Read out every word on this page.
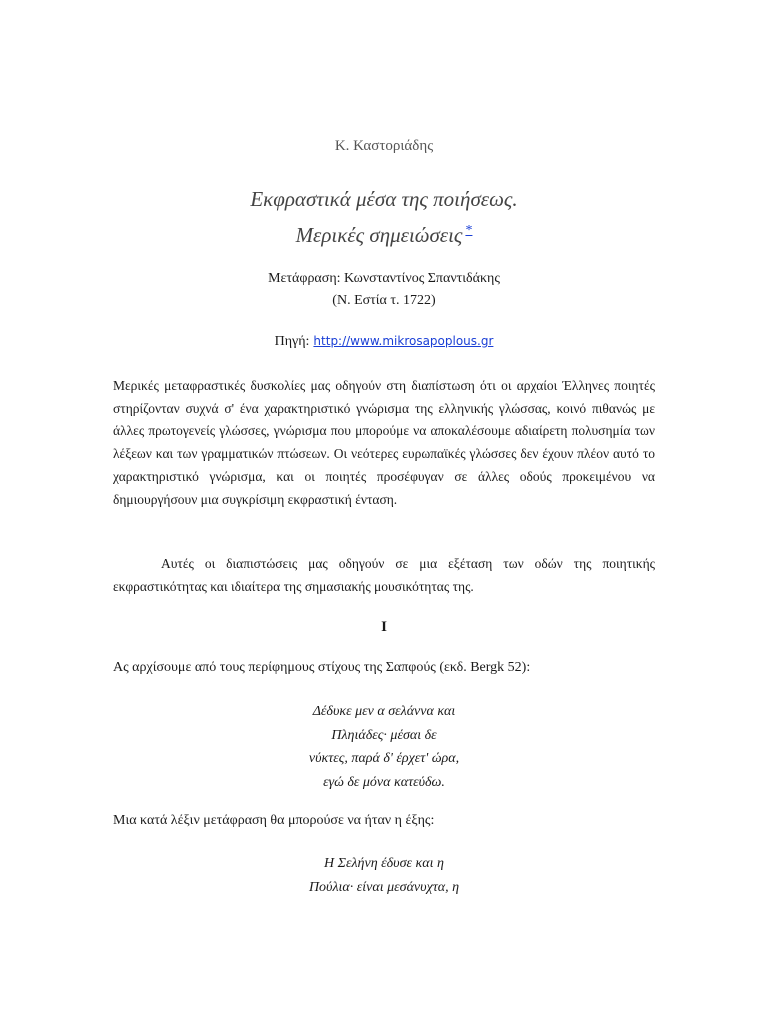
Κ. Καστοριάδης
Εκφραστικά μέσα της ποιήσεως.
Μερικές σημειώσεις *
Μετάφραση: Κωνσταντίνος Σπαντιδάκης
(Ν. Εστία τ. 1722)
Πηγή: http://www.mikrosapoplous.gr
Μερικές μεταφραστικές δυσκολίες μας οδηγούν στη διαπίστωση ότι οι αρχαίοι Έλληνες ποιητές στηρίζονταν συχνά σ' ένα χαρακτηριστικό γνώρισμα της ελληνικής γλώσσας, κοινό πιθανώς με άλλες πρωτογενείς γλώσσες, γνώρισμα που μπορούμε να αποκαλέσουμε αδιαίρετη πολυσημία των λέξεων και των γραμματικών πτώσεων. Οι νεότερες ευρωπαϊκές γλώσσες δεν έχουν πλέον αυτό το χαρακτηριστικό γνώρισμα, και οι ποιητές προσέφυγαν σε άλλες οδούς προκειμένου να δημιουργήσουν μια συγκρίσιμη εκφραστική ένταση.
Αυτές οι διαπιστώσεις μας οδηγούν σε μια εξέταση των οδών της ποιητικής εκφραστικότητας και ιδιαίτερα της σημασιακής μουσικότητας της.
I
Ας αρχίσουμε από τους περίφημους στίχους της Σαπφούς (εκδ. Bergk 52):
Δέδυκε μεν α σελάννα και
Πληιάδες· μέσαι δε
νύκτες, παρά δ' έρχετ' ώρα,
εγώ δε μόνα κατεύδω.
Μια κατά λέξιν μετάφραση θα μπορούσε να ήταν η έξης:
Η Σελήνη έδυσε και η
Πούλια· είναι μεσάνυχτα, η
